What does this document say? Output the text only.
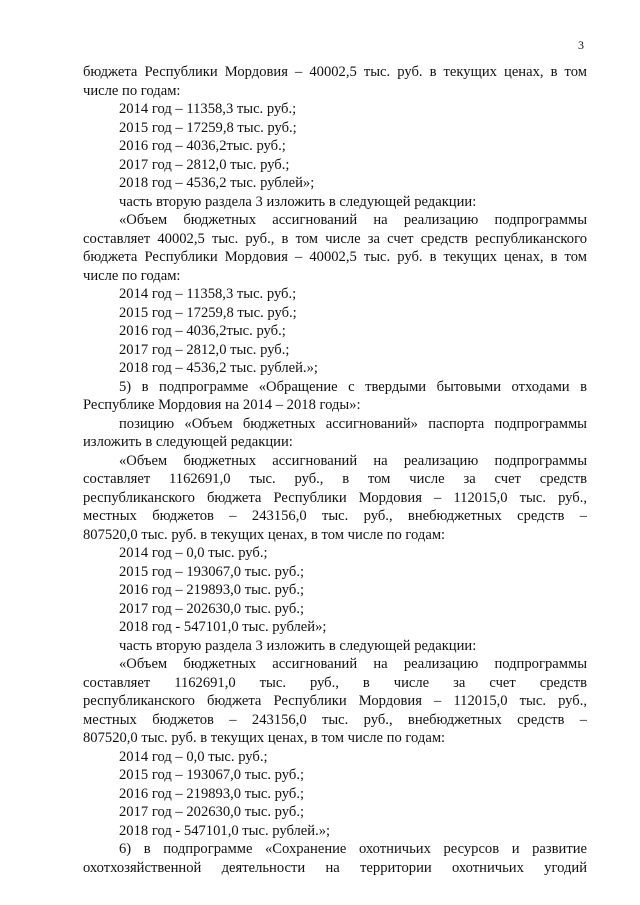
3
бюджета Республики Мордовия – 40002,5 тыс. руб. в текущих ценах, в том
числе по годам:
2014 год – 11358,3 тыс. руб.;
2015 год – 17259,8 тыс. руб.;
2016 год – 4036,2тыс. руб.;
2017 год – 2812,0 тыс. руб.;
2018 год – 4536,2 тыс. рублей»;
часть вторую раздела 3 изложить в следующей редакции:
«Объем бюджетных ассигнований на реализацию подпрограммы
составляет 40002,5 тыс. руб., в том числе за счет средств республиканского
бюджета Республики Мордовия – 40002,5 тыс. руб. в текущих ценах, в том
числе по годам:
2014 год – 11358,3 тыс. руб.;
2015 год – 17259,8 тыс. руб.;
2016 год – 4036,2тыс. руб.;
2017 год – 2812,0 тыс. руб.;
2018 год – 4536,2 тыс. рублей.»;
5) в подпрограмме «Обращение с твердыми бытовыми отходами в
Республике Мордовия на 2014 – 2018 годы»:
позицию «Объем бюджетных ассигнований» паспорта подпрограммы
изложить в следующей редакции:
«Объем бюджетных ассигнований на реализацию подпрограммы
составляет 1162691,0 тыс. руб., в том числе за счет средств
республиканского бюджета Республики Мордовия – 112015,0 тыс. руб.,
местных бюджетов – 243156,0 тыс. руб., внебюджетных средств –
807520,0 тыс. руб. в текущих ценах, в том числе по годам:
2014 год – 0,0 тыс. руб.;
2015 год – 193067,0 тыс. руб.;
2016 год – 219893,0 тыс. руб.;
2017 год – 202630,0 тыс. руб.;
2018 год - 547101,0 тыс. рублей»;
часть вторую раздела 3 изложить в следующей редакции:
«Объем бюджетных ассигнований на реализацию подпрограммы
составляет 1162691,0 тыс. руб., в числе за счет средств
республиканского бюджета Республики Мордовия – 112015,0 тыс. руб.,
местных бюджетов – 243156,0 тыс. руб., внебюджетных средств –
807520,0 тыс. руб. в текущих ценах, в том числе по годам:
2014 год – 0,0 тыс. руб.;
2015 год – 193067,0 тыс. руб.;
2016 год – 219893,0 тыс. руб.;
2017 год – 202630,0 тыс. руб.;
2018 год - 547101,0 тыс. рублей.»;
6) в подпрограмме «Сохранение охотничьих ресурсов и развитие
охотхозяйственной деятельности на территории охотничьих угодий
